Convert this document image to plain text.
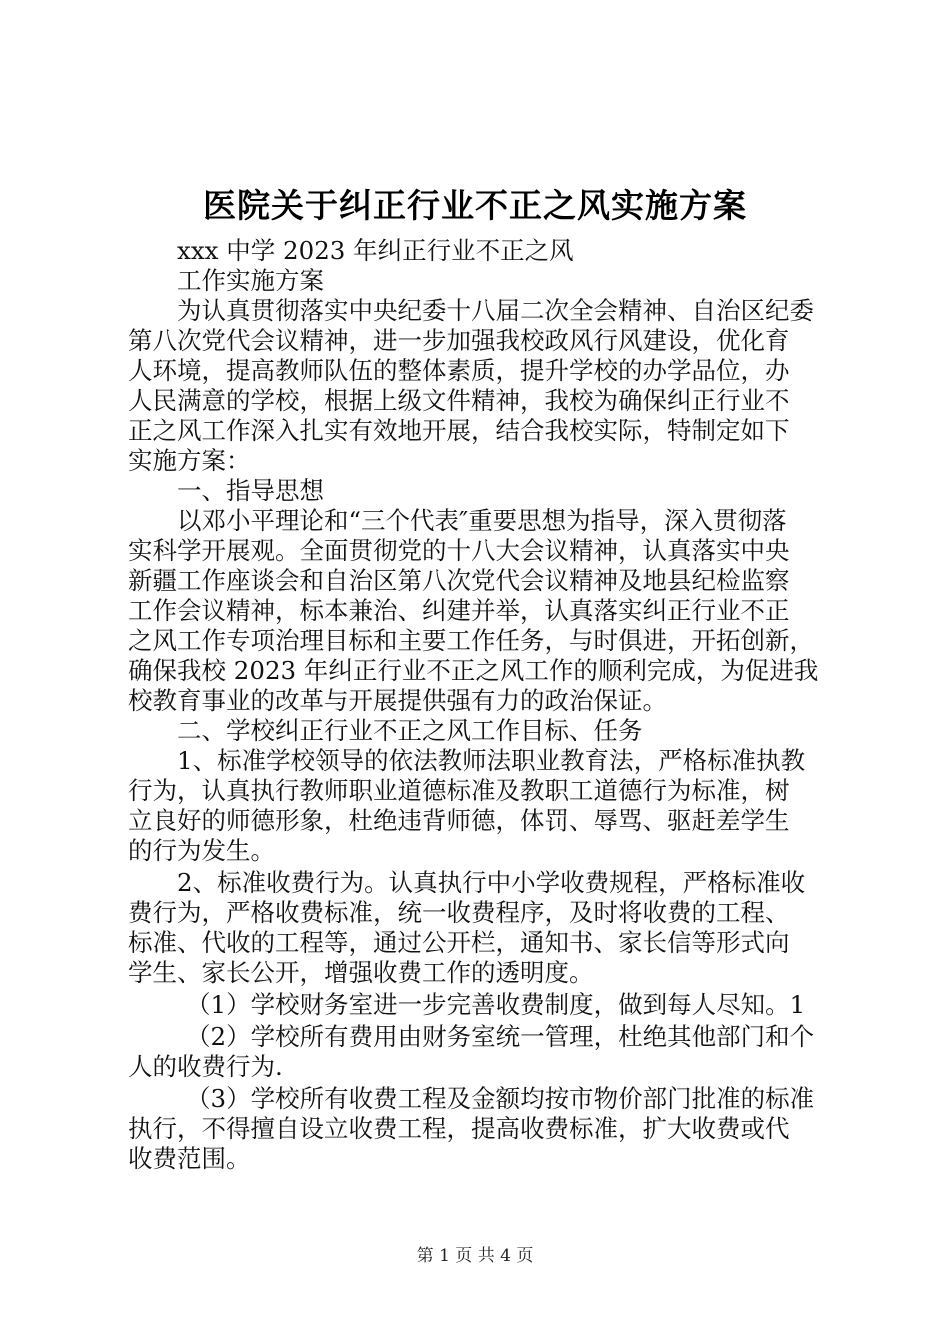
医院关于纠正行业不正之风实施方案

xxx 中学 2023 年纠正行业不正之风

工作实施方案

为认真贯彻落实中央纪委十八届二次全会精神、自治区纪委

第八次党代会议精神，进一步加强我校政风行风建设，优化育

人环境，提高教师队伍的整体素质，提升学校的办学品位，办

人民满意的学校，根据上级文件精神，我校为确保纠正行业不

正之风工作深入扎实有效地开展，结合我校实际，特制定如下

实施方案：

一、指导思想

以邓小平理论和“三个代表″重要思想为指导，深入贯彻落

实科学开展观。全面贯彻党的十八大会议精神，认真落实中央

新疆工作座谈会和自治区第八次党代会议精神及地县纪检监察

工作会议精神，标本兼治、纠建并举，认真落实纠正行业不正

之风工作专项治理目标和主要工作任务，与时俱进，开拓创新，

确保我校 2023 年纠正行业不正之风工作的顺利完成，为促进我

校教育事业的改革与开展提供强有力的政治保证。

二、学校纠正行业不正之风工作目标、任务

1、标准学校领导的依法教师法职业教育法，严格标准执教

行为，认真执行教师职业道德标准及教职工道德行为标准，树

立良好的师德形象，杜绝违背师德，体罚、辱骂、驱赶差学生

的行为发生。

2、标准收费行为。认真执行中小学收费规程，严格标准收

费行为，严格收费标准，统一收费程序，及时将收费的工程、

标准、代收的工程等，通过公开栏，通知书、家长信等形式向

学生、家长公开，增强收费工作的透明度。

（1）学校财务室进一步完善收费制度，做到每人尽知。1

（2）学校所有费用由财务室统一管理，杜绝其他部门和个

人的收费行为.

（3）学校所有收费工程及金额均按市物价部门批准的标准

执行，不得擅自设立收费工程，提高收费标准，扩大收费或代

收费范围。

第 1 页 共 4 页
